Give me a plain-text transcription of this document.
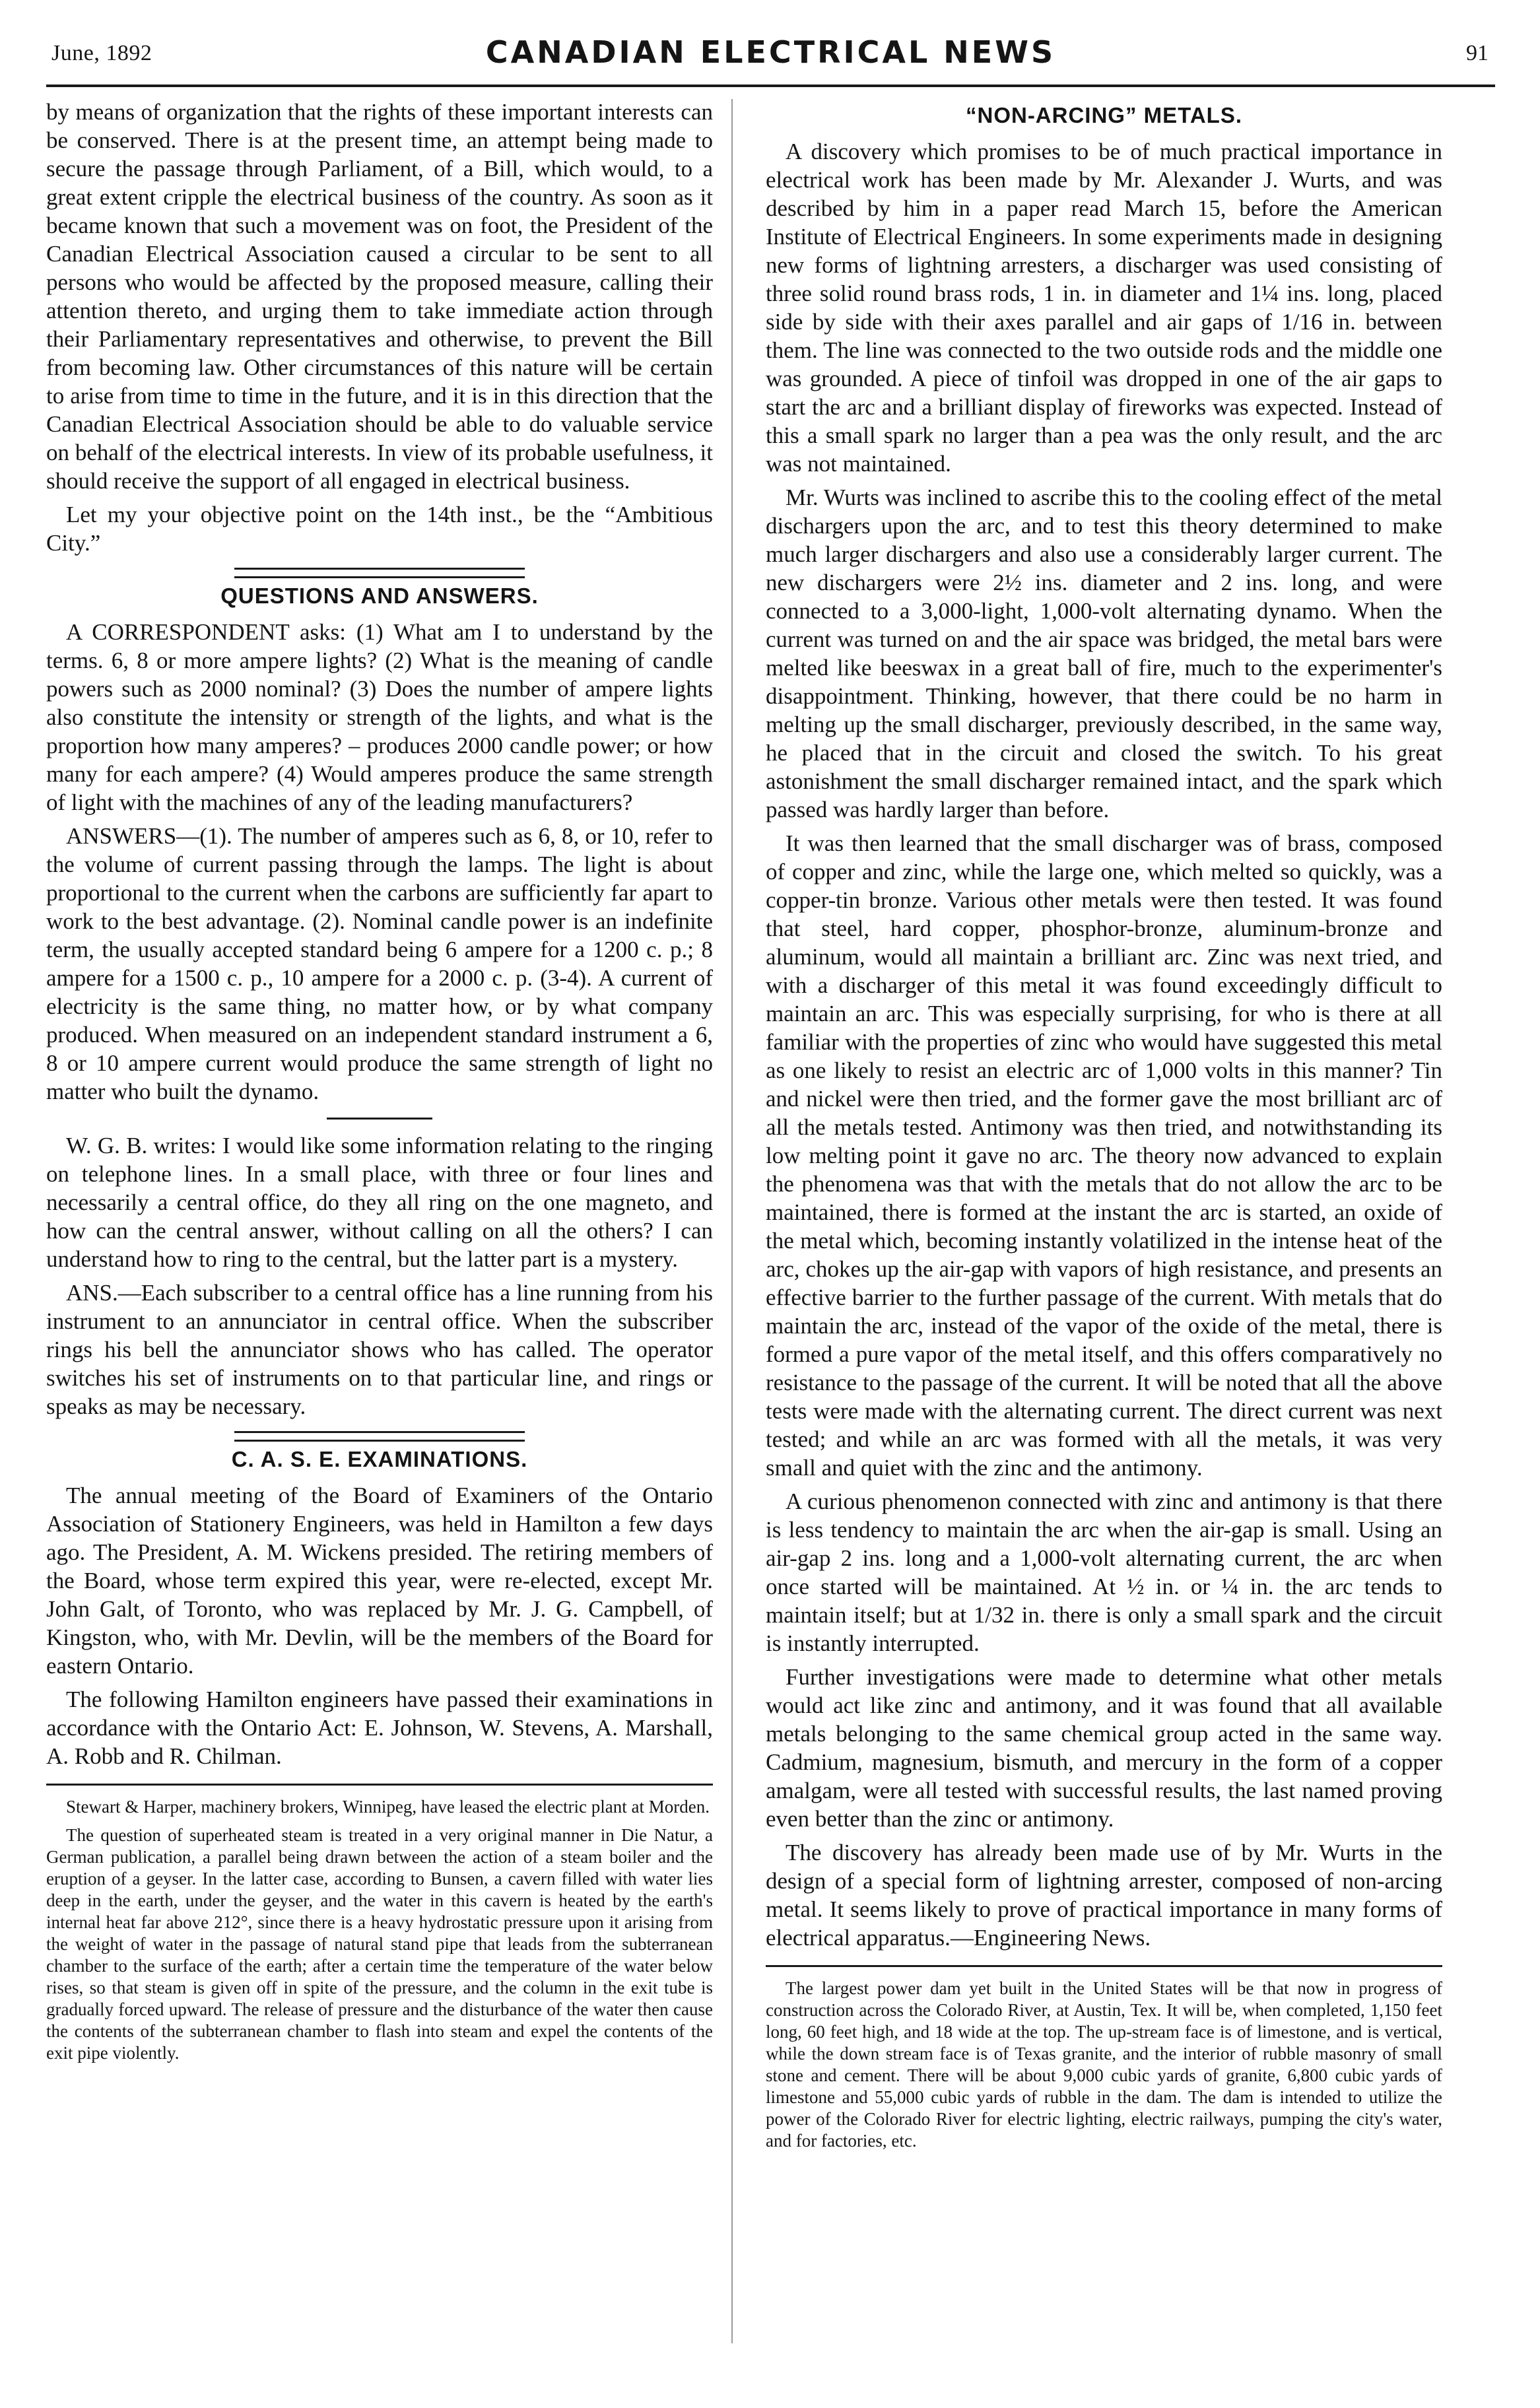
June, 1892	CANADIAN ELECTRICAL NEWS	91

by means of organization that the rights of these important interests can be conserved. There is at the present time, an attempt being made to secure the passage through Parliament, of a Bill, which would, to a great extent cripple the electrical business of the country. As soon as it became known that such a movement was on foot, the President of the Canadian Electrical Association caused a circular to be sent to all persons who would be affected by the proposed measure, calling their attention thereto, and urging them to take immediate action through their Parliamentary representatives and otherwise, to prevent the Bill from becoming law. Other circumstances of this nature will be certain to arise from time to time in the future, and it is in this direction that the Canadian Electrical Association should be able to do valuable service on behalf of the electrical interests. In view of its probable usefulness, it should receive the support of all engaged in electrical business.

Let my your objective point on the 14th inst., be the “Ambitious City.”

QUESTIONS AND ANSWERS.

A CORRESPONDENT asks: (1) What am I to understand by the terms. 6, 8 or more ampere lights? (2) What is the meaning of candle powers such as 2000 nominal? (3) Does the number of ampere lights also constitute the intensity or strength of the lights, and what is the proportion how many amperes? – produces 2000 candle power; or how many for each ampere? (4) Would amperes produce the same strength of light with the machines of any of the leading manufacturers?

ANSWERS—(1). The number of amperes such as 6, 8, or 10, refer to the volume of current passing through the lamps. The light is about proportional to the current when the carbons are sufficiently far apart to work to the best advantage. (2). Nominal candle power is an indefinite term, the usually accepted standard being 6 ampere for a 1200 c. p.; 8 ampere for a 1500 c. p., 10 ampere for a 2000 c. p. (3-4). A current of electricity is the same thing, no matter how, or by what company produced. When measured on an independent standard instrument a 6, 8 or 10 ampere current would produce the same strength of light no matter who built the dynamo.

W. G. B. writes: I would like some information relating to the ringing on telephone lines. In a small place, with three or four lines and necessarily a central office, do they all ring on the one magneto, and how can the central answer, without calling on all the others? I can understand how to ring to the central, but the latter part is a mystery.

ANS.—Each subscriber to a central office has a line running from his instrument to an annunciator in central office. When the subscriber rings his bell the annunciator shows who has called. The operator switches his set of instruments on to that particular line, and rings or speaks as may be necessary.

C. A. S. E. EXAMINATIONS.

The annual meeting of the Board of Examiners of the Ontario Association of Stationery Engineers, was held in Hamilton a few days ago. The President, A. M. Wickens presided. The retiring members of the Board, whose term expired this year, were re-elected, except Mr. John Galt, of Toronto, who was replaced by Mr. J. G. Campbell, of Kingston, who, with Mr. Devlin, will be the members of the Board for eastern Ontario.

The following Hamilton engineers have passed their examinations in accordance with the Ontario Act: E. Johnson, W. Stevens, A. Marshall, A. Robb and R. Chilman.

Stewart & Harper, machinery brokers, Winnipeg, have leased the electric plant at Morden.

The question of superheated steam is treated in a very original manner in Die Natur, a German publication, a parallel being drawn between the action of a steam boiler and the eruption of a geyser. In the latter case, according to Bunsen, a cavern filled with water lies deep in the earth, under the geyser, and the water in this cavern is heated by the earth's internal heat far above 212°, since there is a heavy hydrostatic pressure upon it arising from the weight of water in the passage of natural stand pipe that leads from the subterranean chamber to the surface of the earth; after a certain time the temperature of the water below rises, so that steam is given off in spite of the pressure, and the column in the exit tube is gradually forced upward. The release of pressure and the disturbance of the water then cause the contents of the subterranean chamber to flash into steam and expel the contents of the exit pipe violently.

“NON-ARCING” METALS.

A discovery which promises to be of much practical importance in electrical work has been made by Mr. Alexander J. Wurts, and was described by him in a paper read March 15, before the American Institute of Electrical Engineers. In some experiments made in designing new forms of lightning arresters, a discharger was used consisting of three solid round brass rods, 1 in. in diameter and 1¼ ins. long, placed side by side with their axes parallel and air gaps of 1/16 in. between them. The line was connected to the two outside rods and the middle one was grounded. A piece of tinfoil was dropped in one of the air gaps to start the arc and a brilliant display of fireworks was expected. Instead of this a small spark no larger than a pea was the only result, and the arc was not maintained.

Mr. Wurts was inclined to ascribe this to the cooling effect of the metal dischargers upon the arc, and to test this theory determined to make much larger dischargers and also use a considerably larger current. The new dischargers were 2½ ins. diameter and 2 ins. long, and were connected to a 3,000-light, 1,000-volt alternating dynamo. When the current was turned on and the air space was bridged, the metal bars were melted like beeswax in a great ball of fire, much to the experimenter's disappointment. Thinking, however, that there could be no harm in melting up the small discharger, previously described, in the same way, he placed that in the circuit and closed the switch. To his great astonishment the small discharger remained intact, and the spark which passed was hardly larger than before.

It was then learned that the small discharger was of brass, composed of copper and zinc, while the large one, which melted so quickly, was a copper-tin bronze. Various other metals were then tested. It was found that steel, hard copper, phosphor-bronze, aluminum-bronze and aluminum, would all maintain a brilliant arc. Zinc was next tried, and with a discharger of this metal it was found exceedingly difficult to maintain an arc. This was especially surprising, for who is there at all familiar with the properties of zinc who would have suggested this metal as one likely to resist an electric arc of 1,000 volts in this manner? Tin and nickel were then tried, and the former gave the most brilliant arc of all the metals tested. Antimony was then tried, and notwithstanding its low melting point it gave no arc. The theory now advanced to explain the phenomena was that with the metals that do not allow the arc to be maintained, there is formed at the instant the arc is started, an oxide of the metal which, becoming instantly volatilized in the intense heat of the arc, chokes up the air-gap with vapors of high resistance, and presents an effective barrier to the further passage of the current. With metals that do maintain the arc, instead of the vapor of the oxide of the metal, there is formed a pure vapor of the metal itself, and this offers comparatively no resistance to the passage of the current. It will be noted that all the above tests were made with the alternating current. The direct current was next tested; and while an arc was formed with all the metals, it was very small and quiet with the zinc and the antimony.

A curious phenomenon connected with zinc and antimony is that there is less tendency to maintain the arc when the air-gap is small. Using an air-gap 2 ins. long and a 1,000-volt alternating current, the arc when once started will be maintained. At ½ in. or ¼ in. the arc tends to maintain itself; but at 1/32 in. there is only a small spark and the circuit is instantly interrupted.

Further investigations were made to determine what other metals would act like zinc and antimony, and it was found that all available metals belonging to the same chemical group acted in the same way. Cadmium, magnesium, bismuth, and mercury in the form of a copper amalgam, were all tested with successful results, the last named proving even better than the zinc or antimony.

The discovery has already been made use of by Mr. Wurts in the design of a special form of lightning arrester, composed of non-arcing metal. It seems likely to prove of practical importance in many forms of electrical apparatus.—Engineering News.

The largest power dam yet built in the United States will be that now in progress of construction across the Colorado River, at Austin, Tex. It will be, when completed, 1,150 feet long, 60 feet high, and 18 wide at the top. The up-stream face is of limestone, and is vertical, while the down stream face is of Texas granite, and the interior of rubble masonry of small stone and cement. There will be about 9,000 cubic yards of granite, 6,800 cubic yards of limestone and 55,000 cubic yards of rubble in the dam. The dam is intended to utilize the power of the Colorado River for electric lighting, electric railways, pumping the city's water, and for factories, etc.
